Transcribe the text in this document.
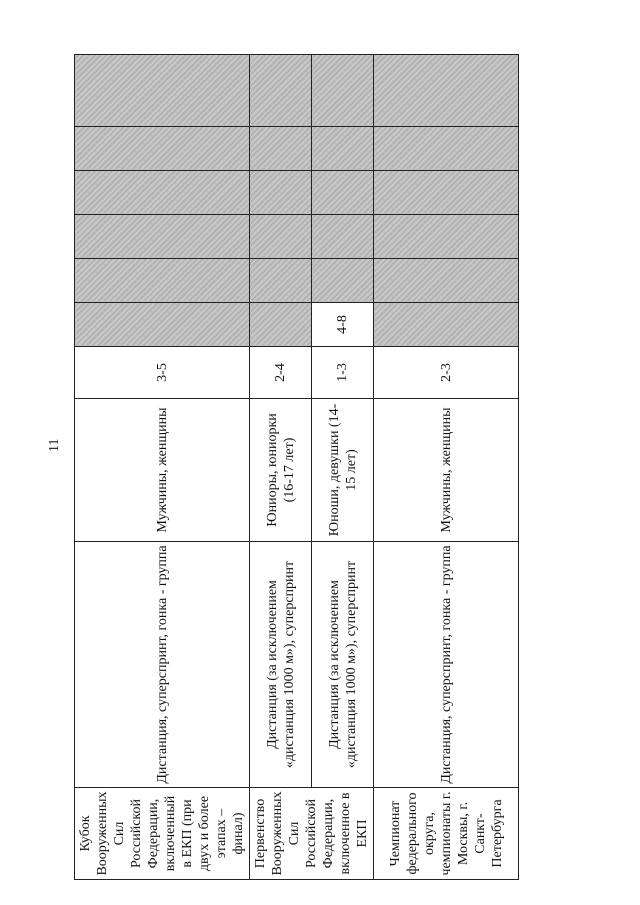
11
Кубок Вооруженных Сил Российской Федерации, включенный в ЕКП (при двух и более этапах – финал)	Дистанция, суперспринт, гонка - группа	Мужчины, женщины	3-5						
Первенство Вооруженных Сил Российской Федерации, включенное в ЕКП	Дистанция (за исключением «дистанция 1000 м»), суперспринт	Юниоры, юниорки (16-17 лет)	2-4						
	Дистанция (за исключением «дистанция 1000 м»), суперспринт	Юноши, девушки (14-15 лет)	1-3	4-8					
Чемпионат федерального округа, чемпионаты г. Москвы, г. Санкт-Петербурга	Дистанция, суперспринт, гонка - группа	Мужчины, женщины	2-3						
